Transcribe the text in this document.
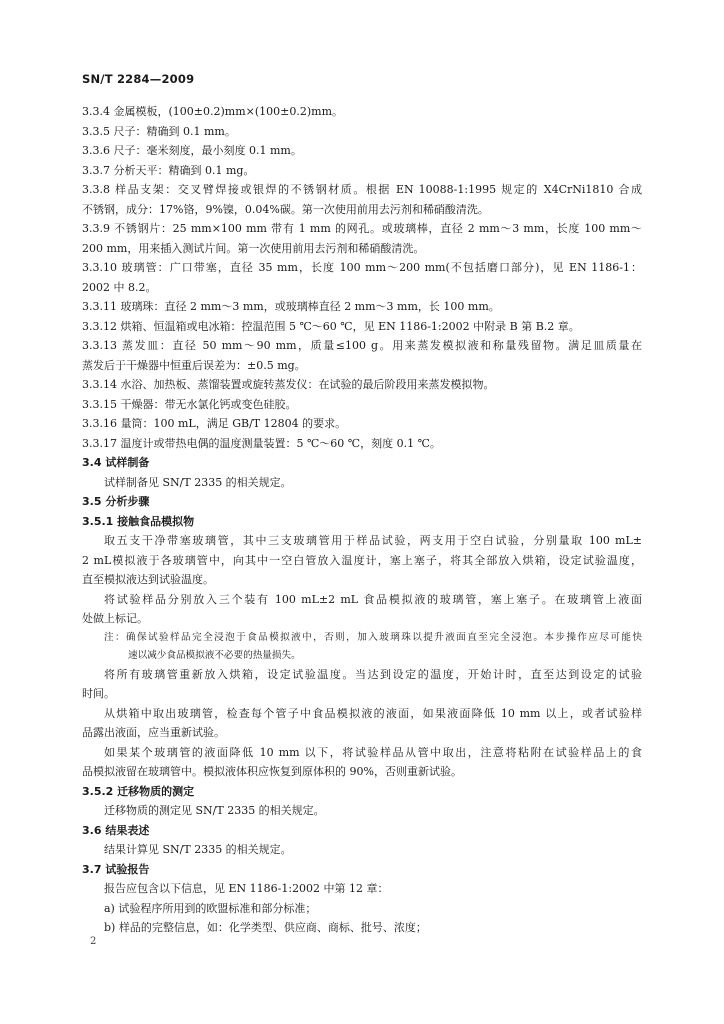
SN/T 2284—2009
3.3.4 金属模板，(100±0.2)mm×(100±0.2)mm。
3.3.5 尺子：精确到 0.1 mm。
3.3.6 尺子：毫米刻度，最小刻度 0.1 mm。
3.3.7 分析天平：精确到 0.1 mg。
3.3.8 样品支架：交叉臂焊接或银焊的不锈钢材质。根据 EN 10088-1:1995 规定的 X4CrNi1810 合成
不锈钢，成分：17%铬，9%镍，0.04%碳。第一次使用前用去污剂和稀硝酸清洗。
3.3.9 不锈钢片：25 mm×100 mm 带有 1 mm 的网孔。或玻璃棒，直径 2 mm～3 mm，长度 100 mm～
200 mm，用来插入测试片间。第一次使用前用去污剂和稀硝酸清洗。
3.3.10 玻璃管：广口带塞，直径 35 mm，长度 100 mm～200 mm(不包括磨口部分)，见 EN 1186-1：
2002 中 8.2。
3.3.11 玻璃珠：直径 2 mm～3 mm，或玻璃棒直径 2 mm～3 mm，长 100 mm。
3.3.12 烘箱、恒温箱或电冰箱：控温范围 5 ℃～60 ℃，见 EN 1186-1:2002 中附录 B 第 B.2 章。
3.3.13 蒸发皿：直径 50 mm～90 mm，质量≤100 g。用来蒸发模拟液和称量残留物。满足皿质量在
蒸发后于干燥器中恒重后误差为：±0.5 mg。
3.3.14 水浴、加热板、蒸馏装置或旋转蒸发仪：在试验的最后阶段用来蒸发模拟物。
3.3.15 干燥器：带无水氯化钙或变色硅胶。
3.3.16 量筒：100 mL，满足 GB/T 12804 的要求。
3.3.17 温度计或带热电偶的温度测量装置：5 ℃～60 ℃，刻度 0.1 ℃。
3.4 试样制备
试样制备见 SN/T 2335 的相关规定。
3.5 分析步骤
3.5.1 接触食品模拟物
取五支干净带塞玻璃管，其中三支玻璃管用于样品试验，两支用于空白试验，分别量取 100 mL±
2 mL模拟液于各玻璃管中，向其中一空白管放入温度计，塞上塞子，将其全部放入烘箱，设定试验温度，
直至模拟液达到试验温度。
将试验样品分别放入三个装有 100 mL±2 mL 食品模拟液的玻璃管，塞上塞子。在玻璃管上液面
处做上标记。
注：确保试验样品完全浸泡于食品模拟液中，否则，加入玻璃珠以提升液面直至完全浸泡。本步操作应尽可能快
速以减少食品模拟液不必要的热量损失。
将所有玻璃管重新放入烘箱，设定试验温度。当达到设定的温度，开始计时，直至达到设定的试验
时间。
从烘箱中取出玻璃管，检查每个管子中食品模拟液的液面，如果液面降低 10 mm 以上，或者试验样
品露出液面，应当重新试验。
如果某个玻璃管的液面降低 10 mm 以下，将试验样品从管中取出，注意将粘附在试验样品上的食
品模拟液留在玻璃管中。模拟液体积应恢复到原体积的 90%，否则重新试验。
3.5.2 迁移物质的测定
迁移物质的测定见 SN/T 2335 的相关规定。
3.6 结果表述
结果计算见 SN/T 2335 的相关规定。
3.7 试验报告
报告应包含以下信息，见 EN 1186-1:2002 中第 12 章：
a) 试验程序所用到的欧盟标准和部分标准；
b) 样品的完整信息，如：化学类型、供应商、商标、批号、浓度；
2
